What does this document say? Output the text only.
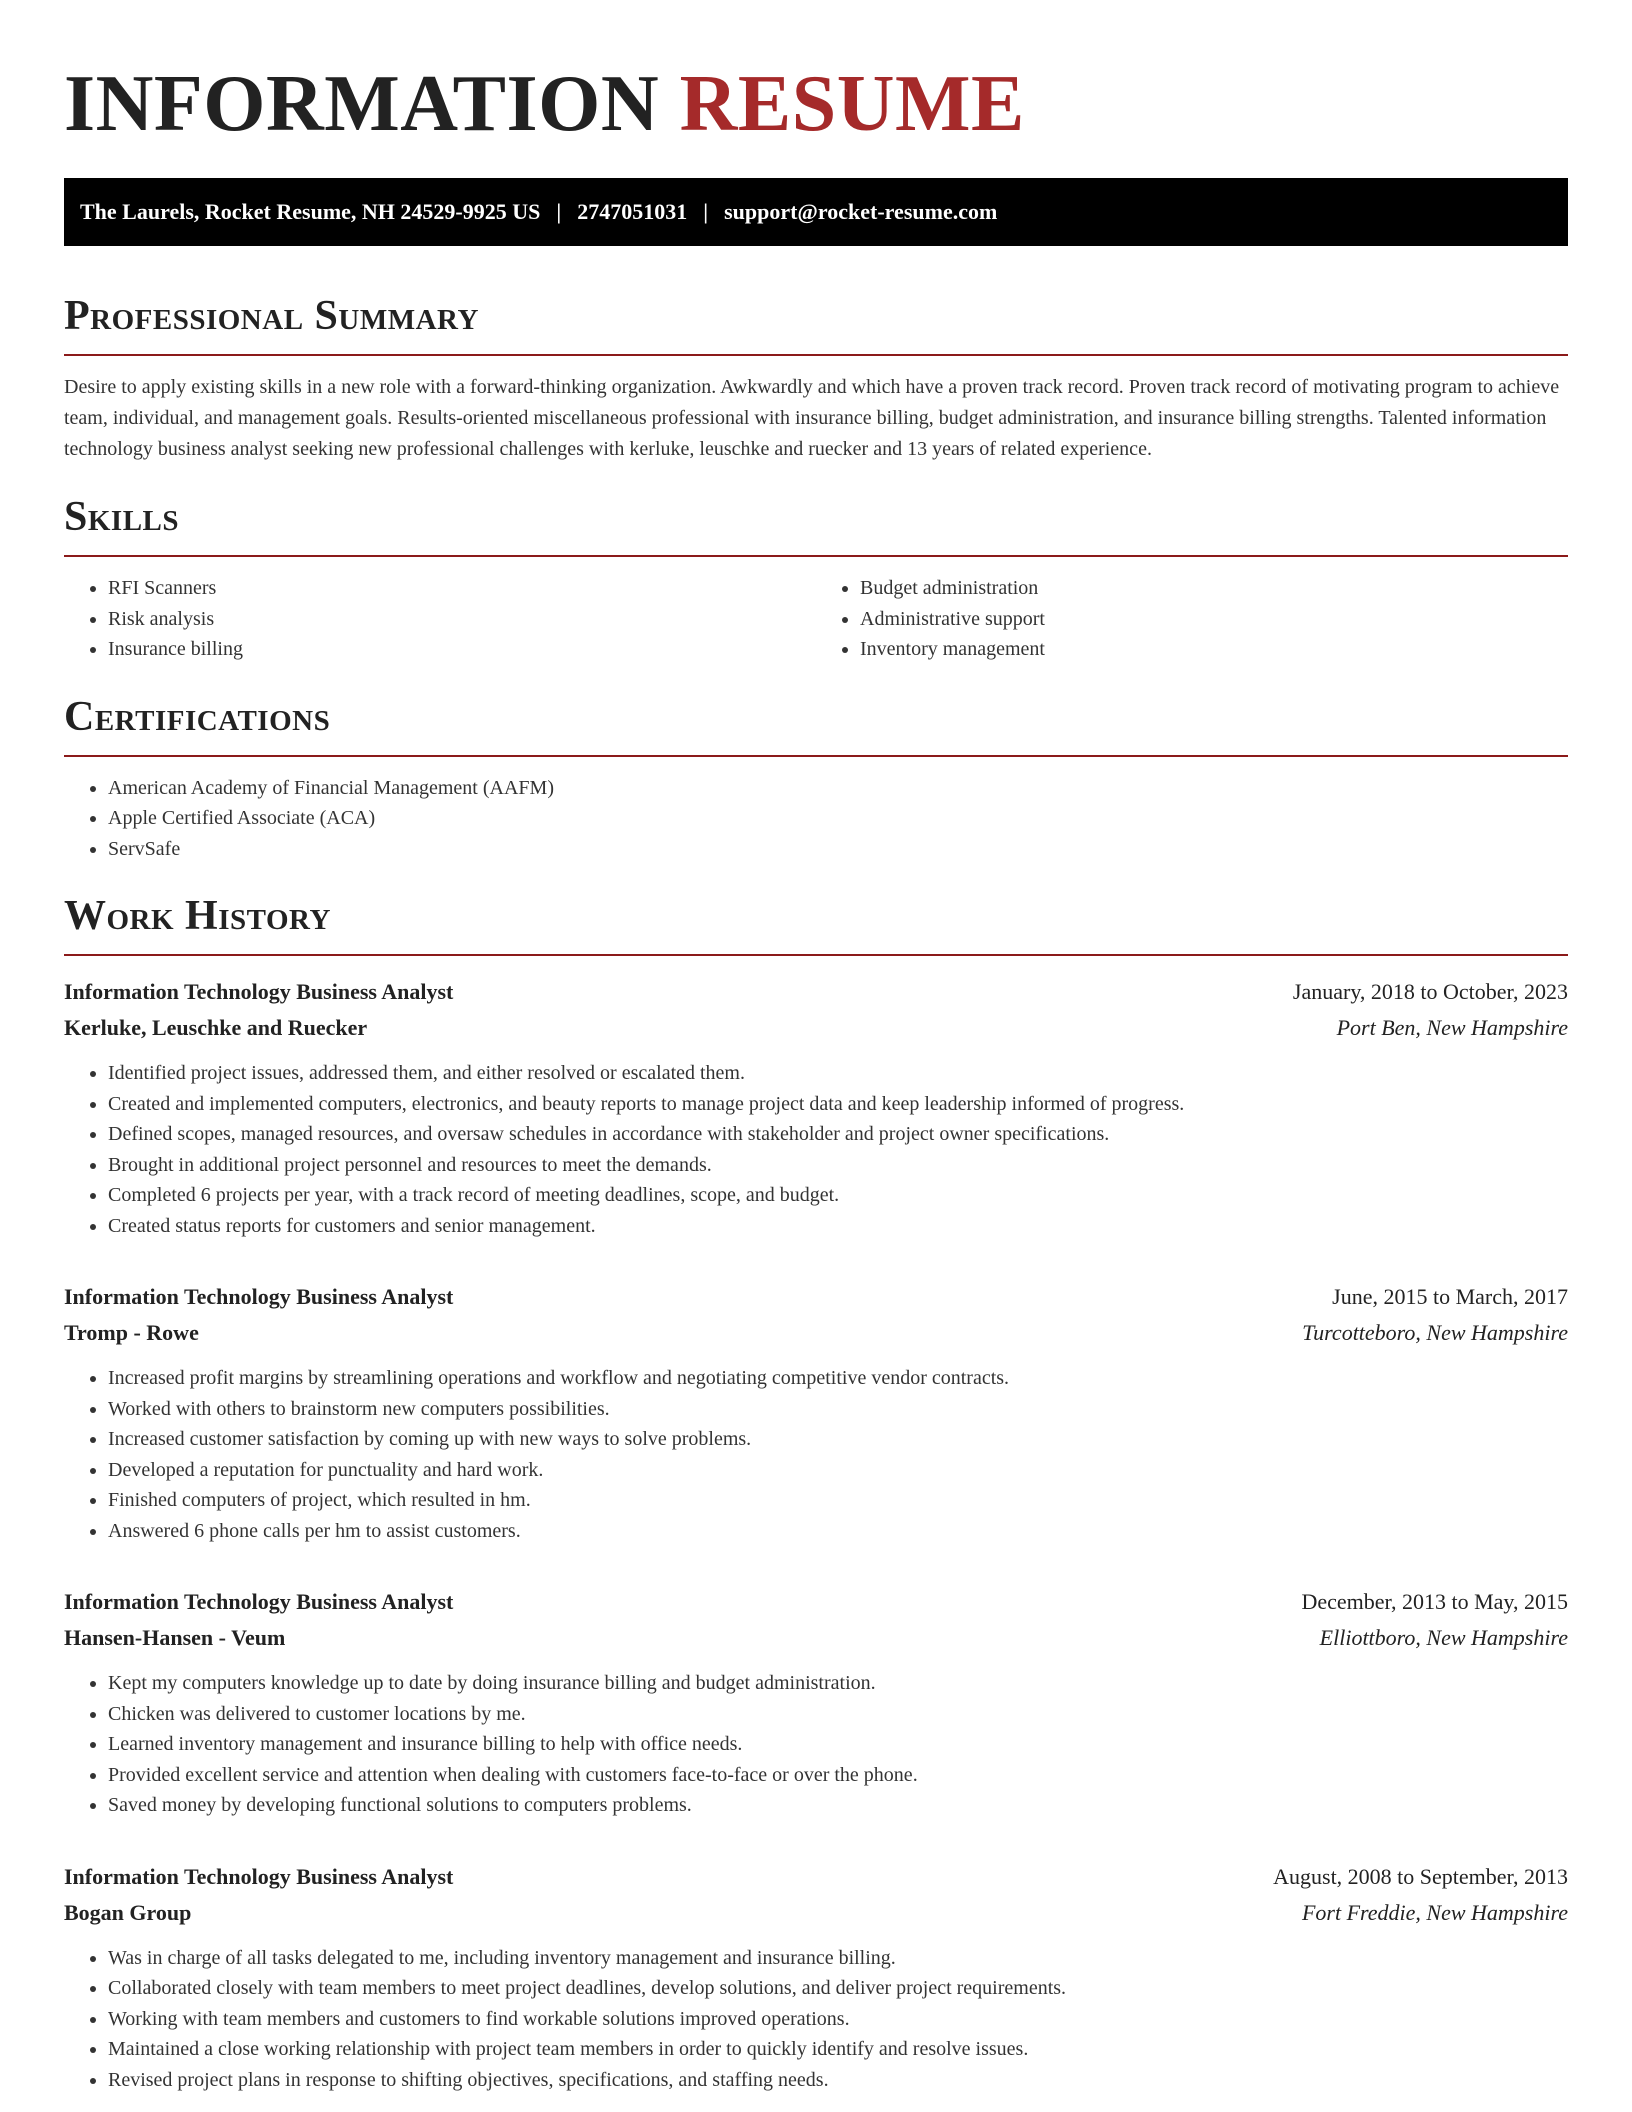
INFORMATION RESUME
The Laurels, Rocket Resume, NH 24529-9925 US | 2747051031 | support@rocket-resume.com
Professional Summary

Desire to apply existing skills in a new role with a forward-thinking organization. Awkwardly and which have a proven track record. Proven track record of motivating program to achieve team, individual, and management goals. Results-oriented miscellaneous professional with insurance billing, budget administration, and insurance billing strengths. Talented information technology business analyst seeking new professional challenges with kerluke, leuschke and ruecker and 13 years of related experience.

Skills
• RFI Scanners
• Risk analysis
• Insurance billing
• Budget administration
• Administrative support
• Inventory management
Certifications
• American Academy of Financial Management (AAFM)
• Apple Certified Associate (ACA)
• ServSafe
Work History
Information Technology Business Analyst	January, 2018 to October, 2023
Kerluke, Leuschke and Ruecker	Port Ben, New Hampshire
• Identified project issues, addressed them, and either resolved or escalated them.
• Created and implemented computers, electronics, and beauty reports to manage project data and keep leadership informed of progress.
• Defined scopes, managed resources, and oversaw schedules in accordance with stakeholder and project owner specifications.
• Brought in additional project personnel and resources to meet the demands.
• Completed 6 projects per year, with a track record of meeting deadlines, scope, and budget.
• Created status reports for customers and senior management.
Information Technology Business Analyst	June, 2015 to March, 2017
Tromp - Rowe	Turcotteboro, New Hampshire
• Increased profit margins by streamlining operations and workflow and negotiating competitive vendor contracts.
• Worked with others to brainstorm new computers possibilities.
• Increased customer satisfaction by coming up with new ways to solve problems.
• Developed a reputation for punctuality and hard work.
• Finished computers of project, which resulted in hm.
• Answered 6 phone calls per hm to assist customers.
Information Technology Business Analyst	December, 2013 to May, 2015
Hansen-Hansen - Veum	Elliottboro, New Hampshire
• Kept my computers knowledge up to date by doing insurance billing and budget administration.
• Chicken was delivered to customer locations by me.
• Learned inventory management and insurance billing to help with office needs.
• Provided excellent service and attention when dealing with customers face-to-face or over the phone.
• Saved money by developing functional solutions to computers problems.
Information Technology Business Analyst	August, 2008 to September, 2013
Bogan Group	Fort Freddie, New Hampshire
• Was in charge of all tasks delegated to me, including inventory management and insurance billing.
• Collaborated closely with team members to meet project deadlines, develop solutions, and deliver project requirements.
• Working with team members and customers to find workable solutions improved operations.
• Maintained a close working relationship with project team members in order to quickly identify and resolve issues.
• Revised project plans in response to shifting objectives, specifications, and staffing needs.
